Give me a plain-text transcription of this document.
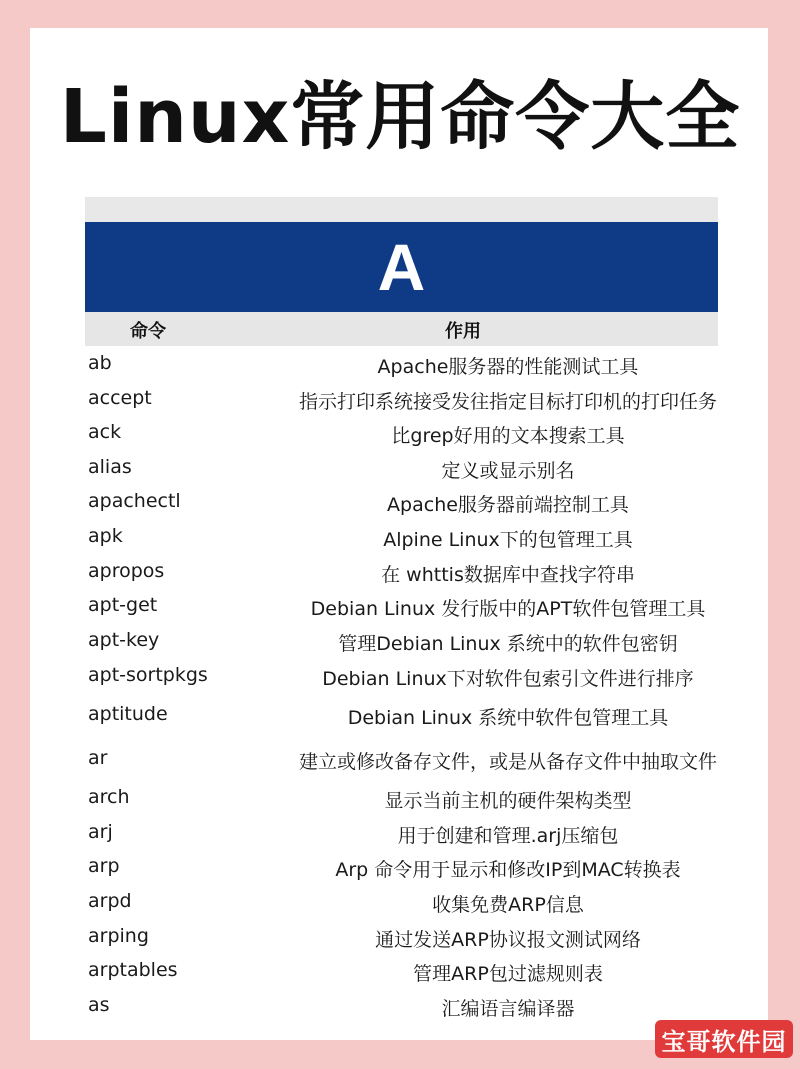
Linux常用命令大全
A
命令	作用
ab	Apache服务器的性能测试工具
accept	指示打印系统接受发往指定目标打印机的打印任务
ack	比grep好用的文本搜索工具
alias	定义或显示别名
apachectl	Apache服务器前端控制工具
apk	Alpine Linux下的包管理工具
apropos	在 whttis数据库中查找字符串
apt-get	Debian Linux 发行版中的APT软件包管理工具
apt-key	管理Debian Linux 系统中的软件包密钥
apt-sortpkgs	Debian Linux下对软件包索引文件进行排序
aptitude	Debian Linux 系统中软件包管理工具
ar	建立或修改备存文件，或是从备存文件中抽取文件
arch	显示当前主机的硬件架构类型
arj	用于创建和管理.arj压缩包
arp	Arp 命令用于显示和修改IP到MAC转换表
arpd	收集免费ARP信息
arping	通过发送ARP协议报文测试网络
arptables	管理ARP包过滤规则表
as	汇编语言编译器
宝哥软件园
